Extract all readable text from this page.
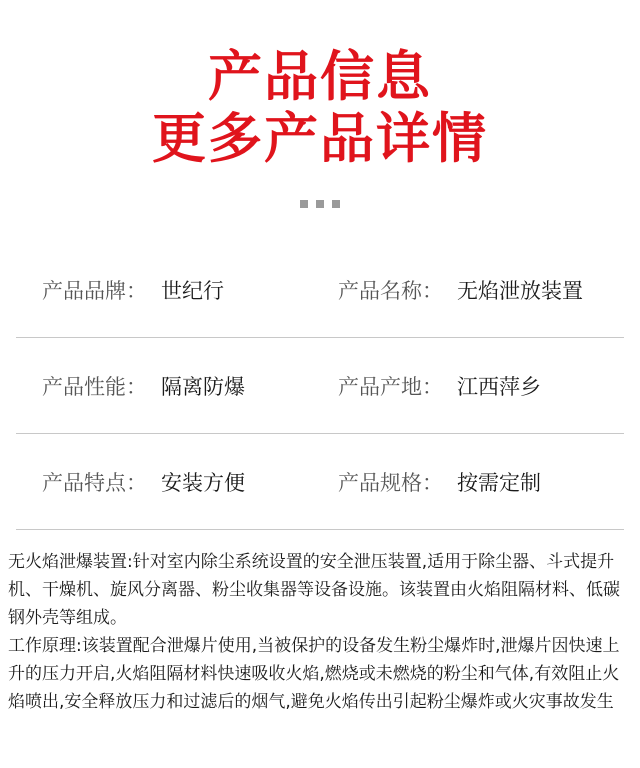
产品信息
更多产品详情
产品品牌： 世纪行	产品名称： 无焰泄放装置
产品性能： 隔离防爆	产品产地： 江西萍乡
产品特点： 安装方便	产品规格： 按需定制

无火焰泄爆装置:针对室内除尘系统设置的安全泄压装置,适用于除尘器、斗式提升机、干燥机、旋风分离器、粉尘收集器等设备设施。该装置由火焰阻隔材料、低碳钢外壳等组成。

工作原理:该装置配合泄爆片使用,当被保护的设备发生粉尘爆炸时,泄爆片因快速上升的压力开启,火焰阻隔材料快速吸收火焰,燃烧或未燃烧的粉尘和气体,有效阻止火焰喷出,安全释放压力和过滤后的烟气,避免火焰传出引起粉尘爆炸或火灾事故发生
